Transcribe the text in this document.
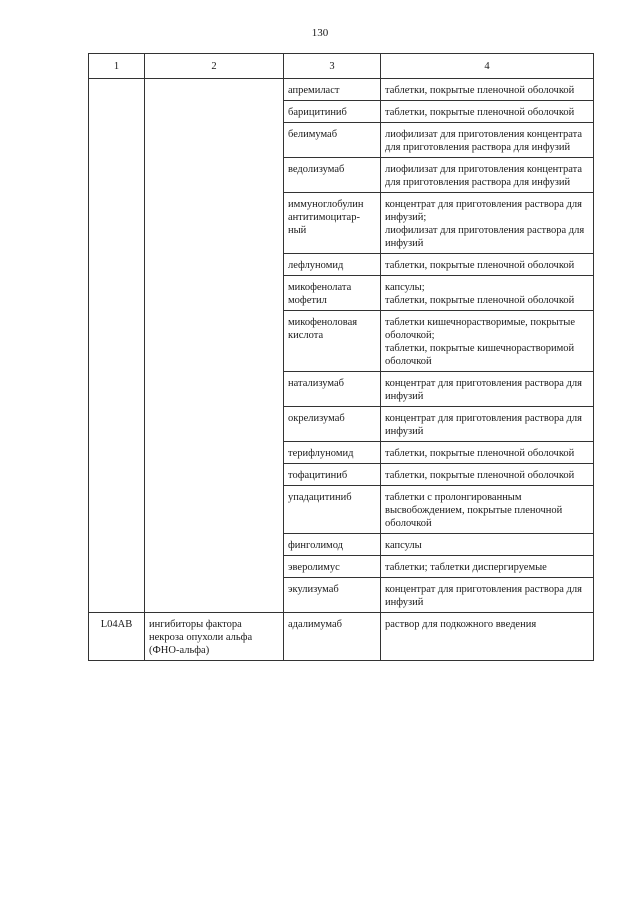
130
1	2	3	4
		апремиласт	таблетки, покрытые пленочной оболочкой
		барицитиниб	таблетки, покрытые пленочной оболочкой
		белимумаб	лиофилизат для приготовления концентрата для приготовления раствора для инфузий
		ведолизумаб	лиофилизат для приготовления концентрата для приготовления раствора для инфузий
		иммуноглобулин антитимоцитар-ный	концентрат для приготовления раствора для инфузий;
лиофилизат для приготовления раствора для инфузий
		лефлуномид	таблетки, покрытые пленочной оболочкой
		микофенолата мофетил	капсулы;
таблетки, покрытые пленочной оболочкой
		микофеноловая кислота	таблетки кишечнорастворимые, покрытые оболочкой;
таблетки, покрытые кишечнорастворимой оболочкой
		натализумаб	концентрат для приготовления раствора для инфузий
		окрелизумаб	концентрат для приготовления раствора для инфузий
		терифлуномид	таблетки, покрытые пленочной оболочкой
		тофацитиниб	таблетки, покрытые пленочной оболочкой
		упадацитиниб	таблетки с пролонгированным высвобождением, покрытые пленочной оболочкой
		финголимод	капсулы
		эверолимус	таблетки; таблетки диспергируемые
		экулизумаб	концентрат для приготовления раствора для инфузий
L04AB	ингибиторы фактора некроза опухоли альфа (ФНО-альфа)	адалимумаб	раствор для подкожного введения
